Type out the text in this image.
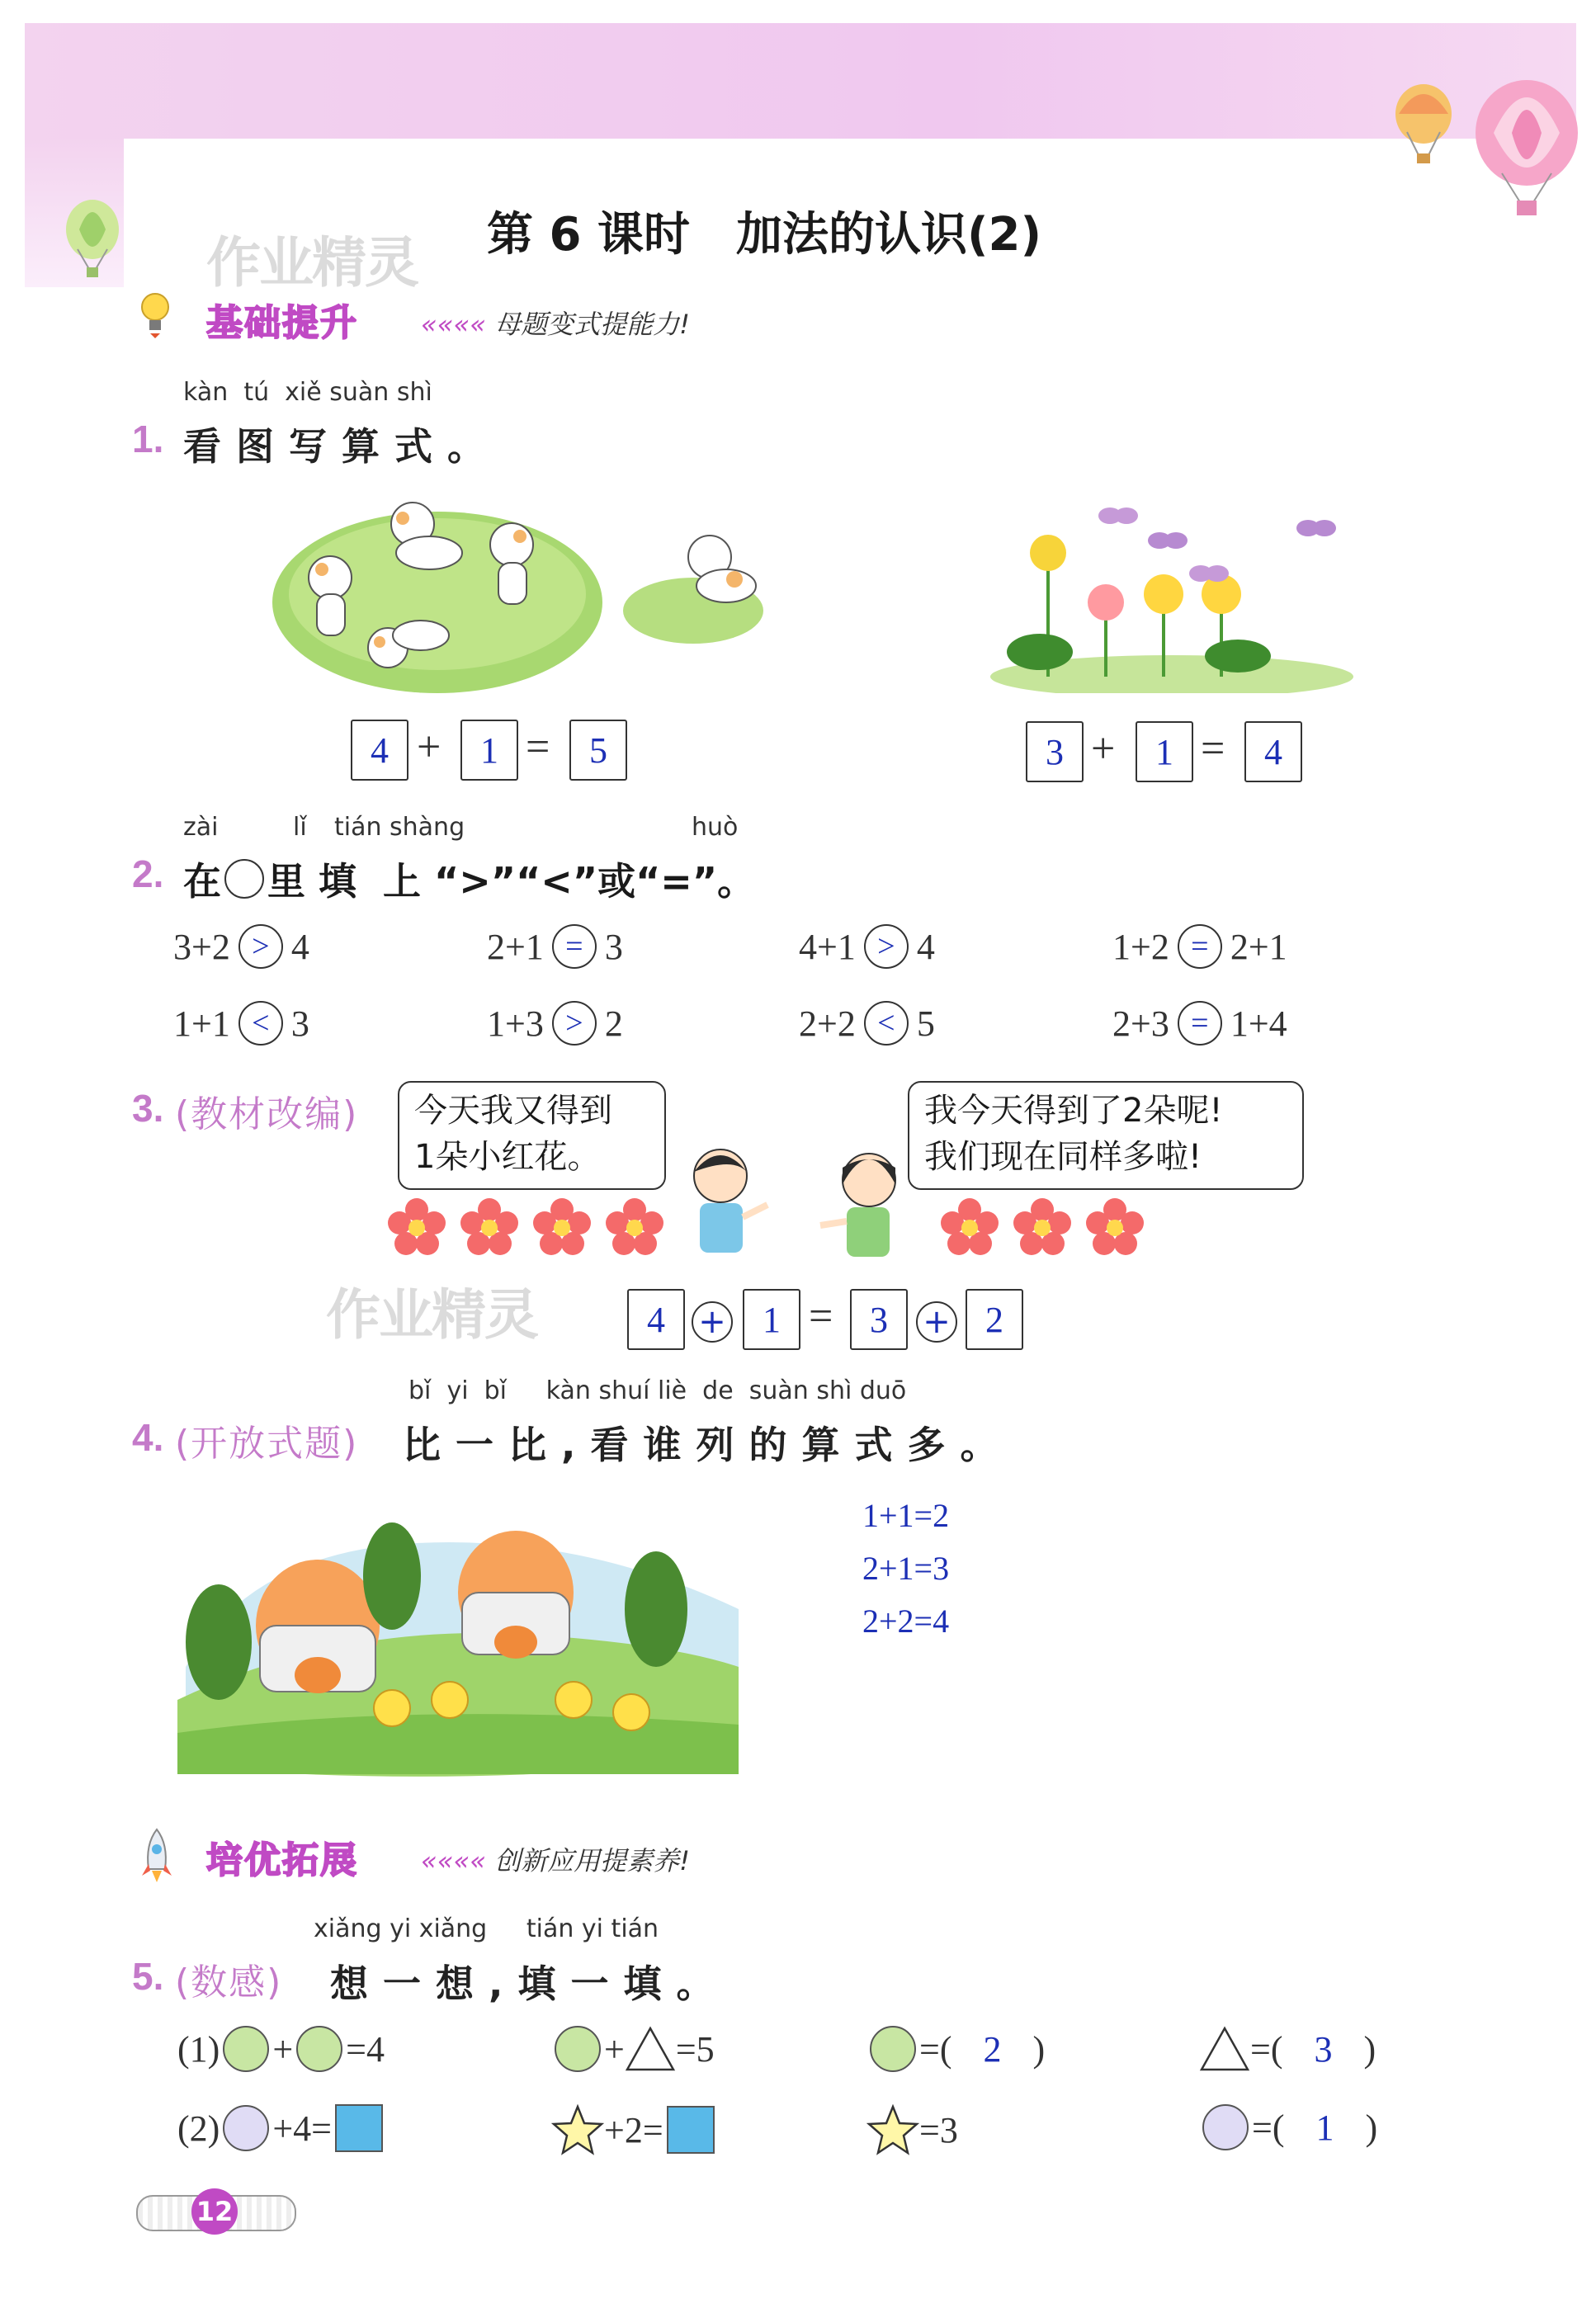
第 6 课时　加法的认识(2)
作业精灵
基础提升 «««« 母题变式提能力!
kàn  tú  xiě suàn shì
1. 看图写算式。
4 +	1 =	5	3 +	1 =	4
zài	lǐ tián shàng	huò
2. 在 里 填  上 “>”“<”或“=”。
3+2 > 4	2+1 = 3	4+1 > 4	1+2 = 2+1
1+1 < 3	1+3 > 2	2+2 < 5	2+3 = 1+4
3. (教材改编) 今天我又得到
1朵小红花。
我今天得到了2朵呢!
我们现在同样多啦!
作业精灵	4	+	1 =	3	+ 2
bǐ  yi  bǐ     kàn shuí liè  de  suàn shì duō
4. (开放式题) 比一比,看谁列的算式多。
1+1=2
2+1=3
2+2=4
培优拓展 «««« 创新应用提素养!
xiǎng yi xiǎng     tián yi tián
5. (数感) 想一想,填一填。
(1) + =4	+ =5	=( 2 )	=( 3 )
(2) +4=	+2=	=3	=( 1 )
12
